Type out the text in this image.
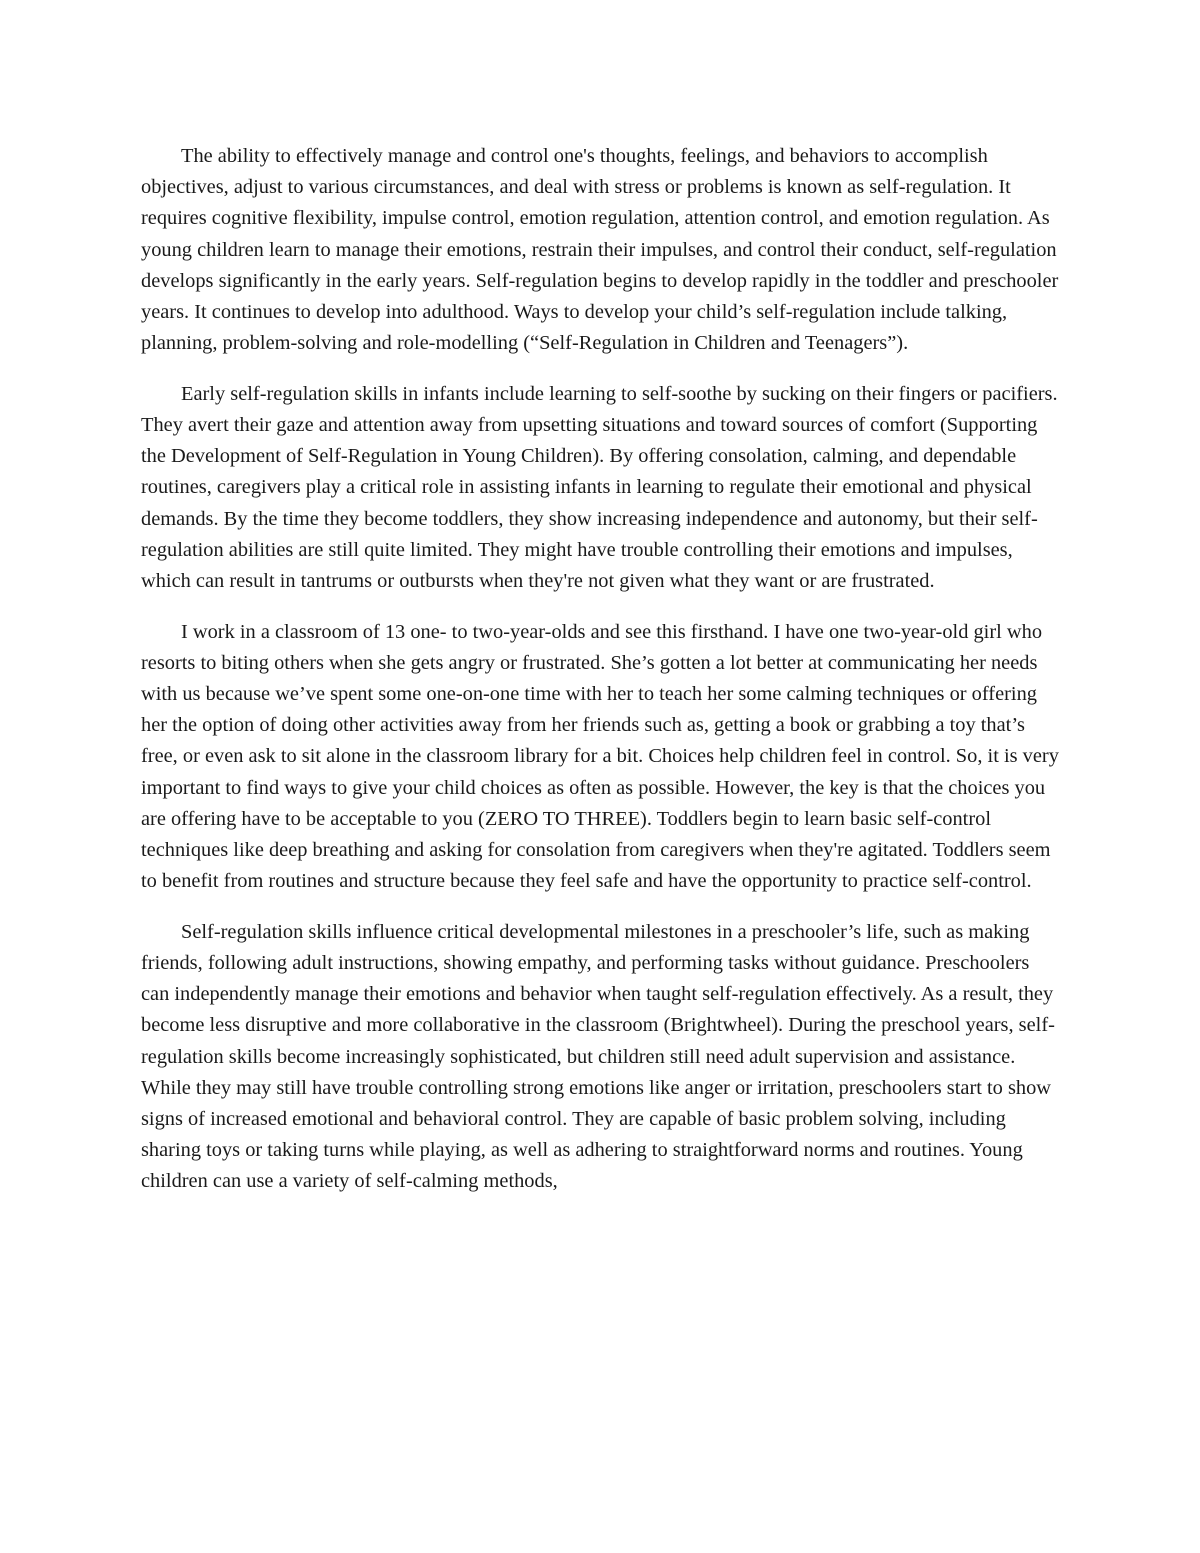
The ability to effectively manage and control one's thoughts, feelings, and behaviors to accomplish objectives, adjust to various circumstances, and deal with stress or problems is known as self-regulation. It requires cognitive flexibility, impulse control, emotion regulation, attention control, and emotion regulation. As young children learn to manage their emotions, restrain their impulses, and control their conduct, self-regulation develops significantly in the early years. Self-regulation begins to develop rapidly in the toddler and preschooler years. It continues to develop into adulthood. Ways to develop your child’s self-regulation include talking, planning, problem-solving and role-modelling (“Self-Regulation in Children and Teenagers”).

Early self-regulation skills in infants include learning to self-soothe by sucking on their fingers or pacifiers. They avert their gaze and attention away from upsetting situations and toward sources of comfort (Supporting the Development of Self-Regulation in Young Children). By offering consolation, calming, and dependable routines, caregivers play a critical role in assisting infants in learning to regulate their emotional and physical demands. By the time they become toddlers, they show increasing independence and autonomy, but their self-regulation abilities are still quite limited. They might have trouble controlling their emotions and impulses, which can result in tantrums or outbursts when they're not given what they want or are frustrated.

I work in a classroom of 13 one- to two-year-olds and see this firsthand. I have one two-year-old girl who resorts to biting others when she gets angry or frustrated. She’s gotten a lot better at communicating her needs with us because we’ve spent some one-on-one time with her to teach her some calming techniques or offering her the option of doing other activities away from her friends such as, getting a book or grabbing a toy that’s free, or even ask to sit alone in the classroom library for a bit. Choices help children feel in control. So, it is very important to find ways to give your child choices as often as possible. However, the key is that the choices you are offering have to be acceptable to you (ZERO TO THREE). Toddlers begin to learn basic self-control techniques like deep breathing and asking for consolation from caregivers when they're agitated. Toddlers seem to benefit from routines and structure because they feel safe and have the opportunity to practice self-control.

Self-regulation skills influence critical developmental milestones in a preschooler’s life, such as making friends, following adult instructions, showing empathy, and performing tasks without guidance. Preschoolers can independently manage their emotions and behavior when taught self-regulation effectively. As a result, they become less disruptive and more collaborative in the classroom (Brightwheel). During the preschool years, self-regulation skills become increasingly sophisticated, but children still need adult supervision and assistance. While they may still have trouble controlling strong emotions like anger or irritation, preschoolers start to show signs of increased emotional and behavioral control. They are capable of basic problem solving, including sharing toys or taking turns while playing, as well as adhering to straightforward norms and routines. Young children can use a variety of self-calming methods,
